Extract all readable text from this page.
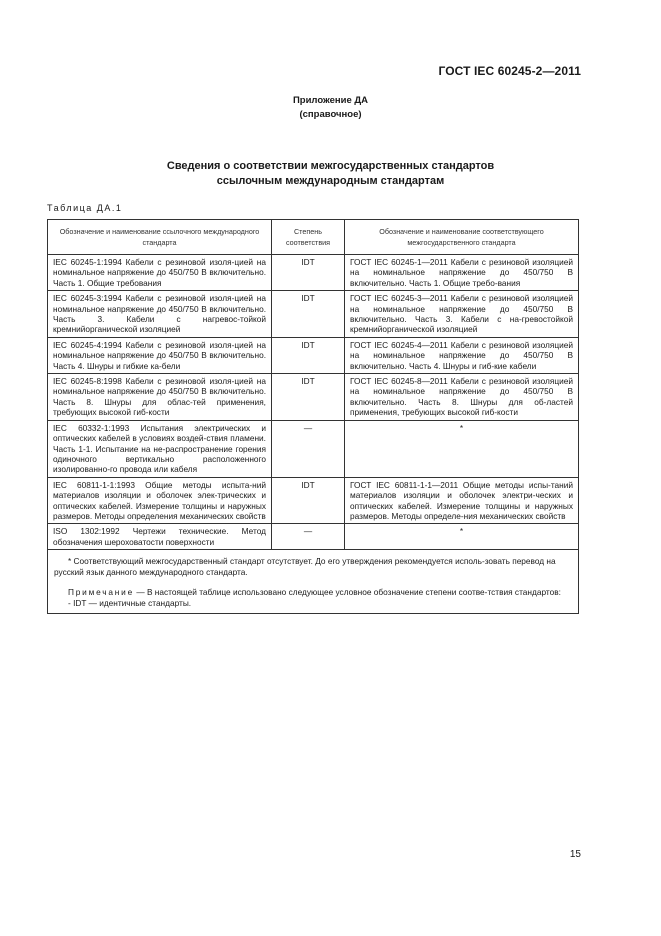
ГОСТ IEC 60245-2—2011
Приложение ДА
(справочное)
Сведения о соответствии межгосударственных стандартов
ссылочным международным стандартам
Таблица ДА.1
Обозначение и наименование ссылочного международного стандарта	Степень соответствия	Обозначение и наименование соответствующего межгосударственного стандарта
IEC 60245-1:1994 Кабели с резиновой изоля-цией на номинальное напряжение до 450/750 В включительно. Часть 1. Общие требования	IDT	ГОСТ IEC 60245-1—2011 Кабели с резиновой изоляцией на номинальное напряжение до 450/750 В включительно. Часть 1. Общие требо-вания
IEC 60245-3:1994 Кабели с резиновой изоля-цией на номинальное напряжение до 450/750 В включительно. Часть 3. Кабели с нагревос-тойкой кремнийорганической изоляцией	IDT	ГОСТ IEC 60245-3—2011 Кабели с резиновой изоляцией на номинальное напряжение до 450/750 В включительно. Часть 3. Кабели с на-гревостойкой кремнийорганической изоляцией
IEC 60245-4:1994 Кабели с резиновой изоля-цией на номинальное напряжение до 450/750 В включительно. Часть 4. Шнуры и гибкие ка-бели	IDT	ГОСТ IEC 60245-4—2011 Кабели с резиновой изоляцией на номинальное напряжение до 450/750 В включительно. Часть 4. Шнуры и гиб-кие кабели
IEC 60245-8:1998 Кабели с резиновой изоля-цией на номинальное напряжение до 450/750 В включительно. Часть 8. Шнуры для облас-тей применения, требующих высокой гиб-кости	IDT	ГОСТ IEC 60245-8—2011 Кабели с резиновой изоляцией на номинальное напряжение до 450/750 В включительно. Часть 8. Шнуры для об-ластей применения, требующих высокой гиб-кости
IEC 60332-1:1993 Испытания электрических и оптических кабелей в условиях воздей-ствия пламени. Часть 1-1. Испытание на не-распространение горения одиночного вертикально расположенного изолированно-го провода или кабеля	—	*
IEC 60811-1-1:1993 Общие методы испыта-ний материалов изоляции и оболочек элек-трических и оптических кабелей. Измерение толщины и наружных размеров. Методы определения механических свойств	IDT	ГОСТ IEC 60811-1-1—2011 Общие методы испы-таний материалов изоляции и оболочек электри-ческих и оптических кабелей. Измерение толщины и наружных размеров. Методы определе-ния механических свойств
ISO 1302:1992 Чертежи технические. Метод обозначения шероховатости поверхности	—	*

* Соответствующий межгосударственный стандарт отсутствует. До его утверждения рекомендуется исполь-зовать перевод на русский язык данного международного стандарта.

Примечание — В настоящей таблице использовано следующее условное обозначение степени соотве-тствия стандартов:

- IDT — идентичные стандарты.		

15
